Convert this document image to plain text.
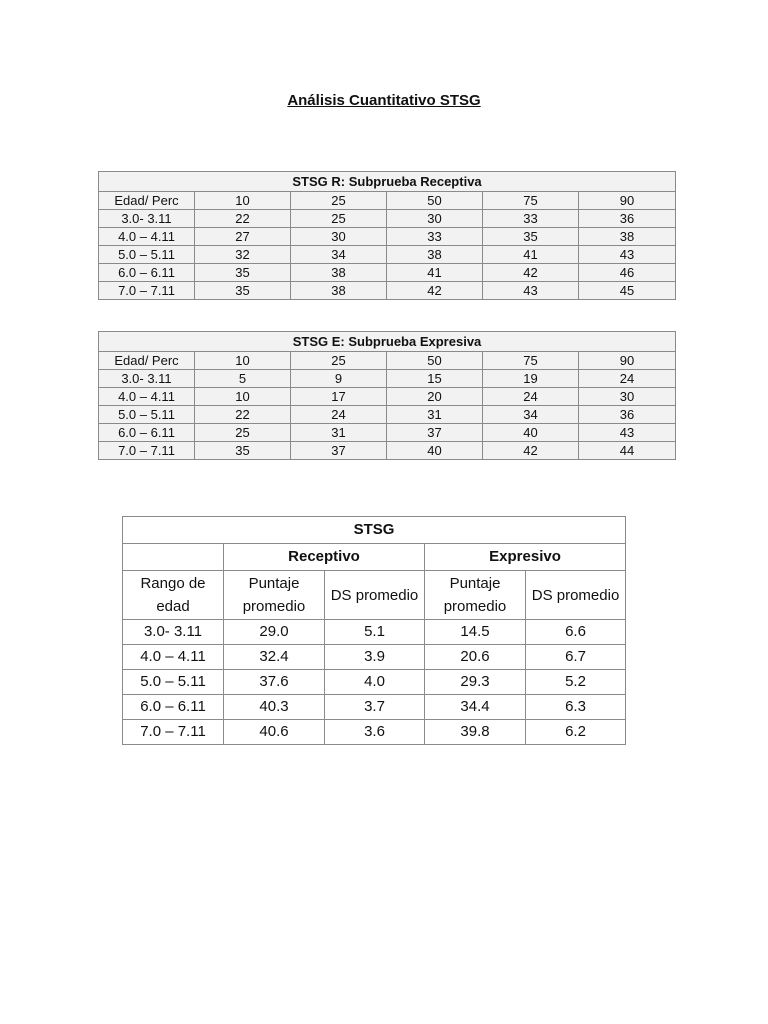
Análisis Cuantitativo STSG
STSG R: Subprueba Receptiva					
Edad/ Perc	10	25	50	75	90
3.0- 3.11	22	25	30	33	36
4.0 – 4.11	27	30	33	35	38
5.0 – 5.11	32	34	38	41	43
6.0 – 6.11	35	38	41	42	46
7.0 – 7.11	35	38	42	43	45
STSG E: Subprueba Expresiva					
Edad/ Perc	10	25	50	75	90
3.0- 3.11	5	9	15	19	24
4.0 – 4.11	10	17	20	24	30
5.0 – 5.11	22	24	31	34	36
6.0 – 6.11	25	31	37	40	43
7.0 – 7.11	35	37	40	42	44
STSG				
	Receptivo		Expresivo	
Rango de edad	Puntaje promedio	DS promedio	Puntaje promedio	DS promedio
3.0- 3.11	29.0	5.1	14.5	6.6
4.0 – 4.11	32.4	3.9	20.6	6.7
5.0 – 5.11	37.6	4.0	29.3	5.2
6.0 – 6.11	40.3	3.7	34.4	6.3
7.0 – 7.11	40.6	3.6	39.8	6.2
